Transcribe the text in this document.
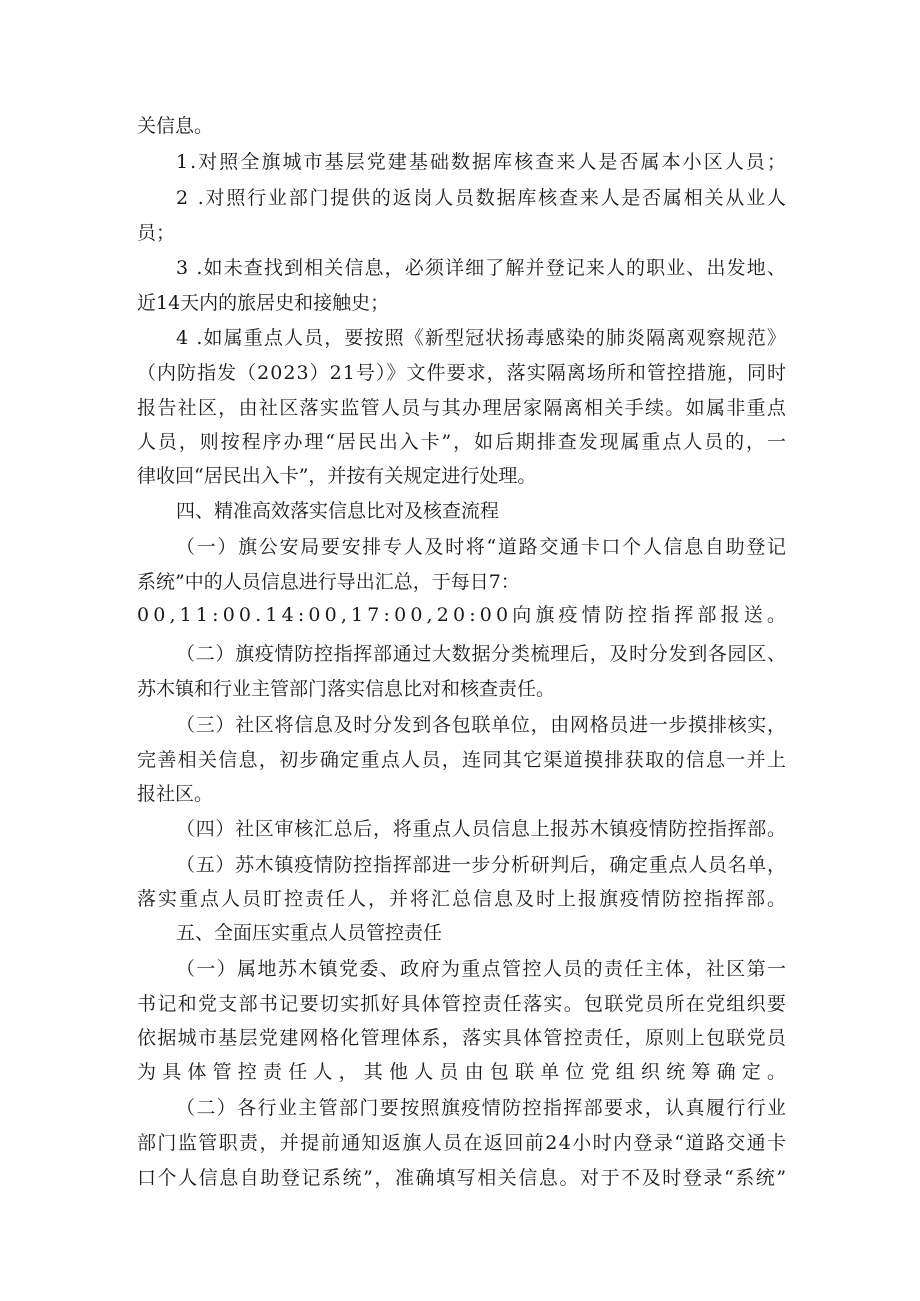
关信息。
1.对照全旗城市基层党建基础数据库核查来人是否属本小区人员；
2 .对照行业部门提供的返岗人员数据库核查来人是否属相关从业人
员；
3 .如未查找到相关信息，必须详细了解并登记来人的职业、出发地、
近14天内的旅居史和接触史；
4 .如属重点人员，要按照《新型冠状扬毒感染的肺炎隔离观察规范》
（内防指发（2023）21号）》文件要求，落实隔离场所和管控措施，同时
报告社区，由社区落实监管人员与其办理居家隔离相关手续。如属非重点
人员，则按程序办理“居民出入卡”，如后期排查发现属重点人员的，一
律收回“居民出入卡”，并按有关规定进行处理。
四、精准高效落实信息比对及核查流程
（一）旗公安局要安排专人及时将“道路交通卡口个人信息自助登记
系统”中的人员信息进行导出汇总，于每日7：
00,11:00.14:00,17:00,20:00向旗疫情防控指挥部报送。
（二）旗疫情防控指挥部通过大数据分类梳理后，及时分发到各园区、
苏木镇和行业主管部门落实信息比对和核查责任。
（三）社区将信息及时分发到各包联单位，由网格员进一步摸排核实，
完善相关信息，初步确定重点人员，连同其它渠道摸排获取的信息一并上
报社区。
（四）社区审核汇总后，将重点人员信息上报苏木镇疫情防控指挥部。
（五）苏木镇疫情防控指挥部进一步分析研判后，确定重点人员名单，
落实重点人员盯控责任人，并将汇总信息及时上报旗疫情防控指挥部。
五、全面压实重点人员管控责任
（一）属地苏木镇党委、政府为重点管控人员的责任主体，社区第一
书记和党支部书记要切实抓好具体管控责任落实。包联党员所在党组织要
依据城市基层党建网格化管理体系，落实具体管控责任，原则上包联党员
为具体管控责任人，其他人员由包联单位党组织统筹确定。
（二）各行业主管部门要按照旗疫情防控指挥部要求，认真履行行业
部门监管职责，并提前通知返旗人员在返回前24小时内登录“道路交通卡
口个人信息自助登记系统”，准确填写相关信息。对于不及时登录“系统”
